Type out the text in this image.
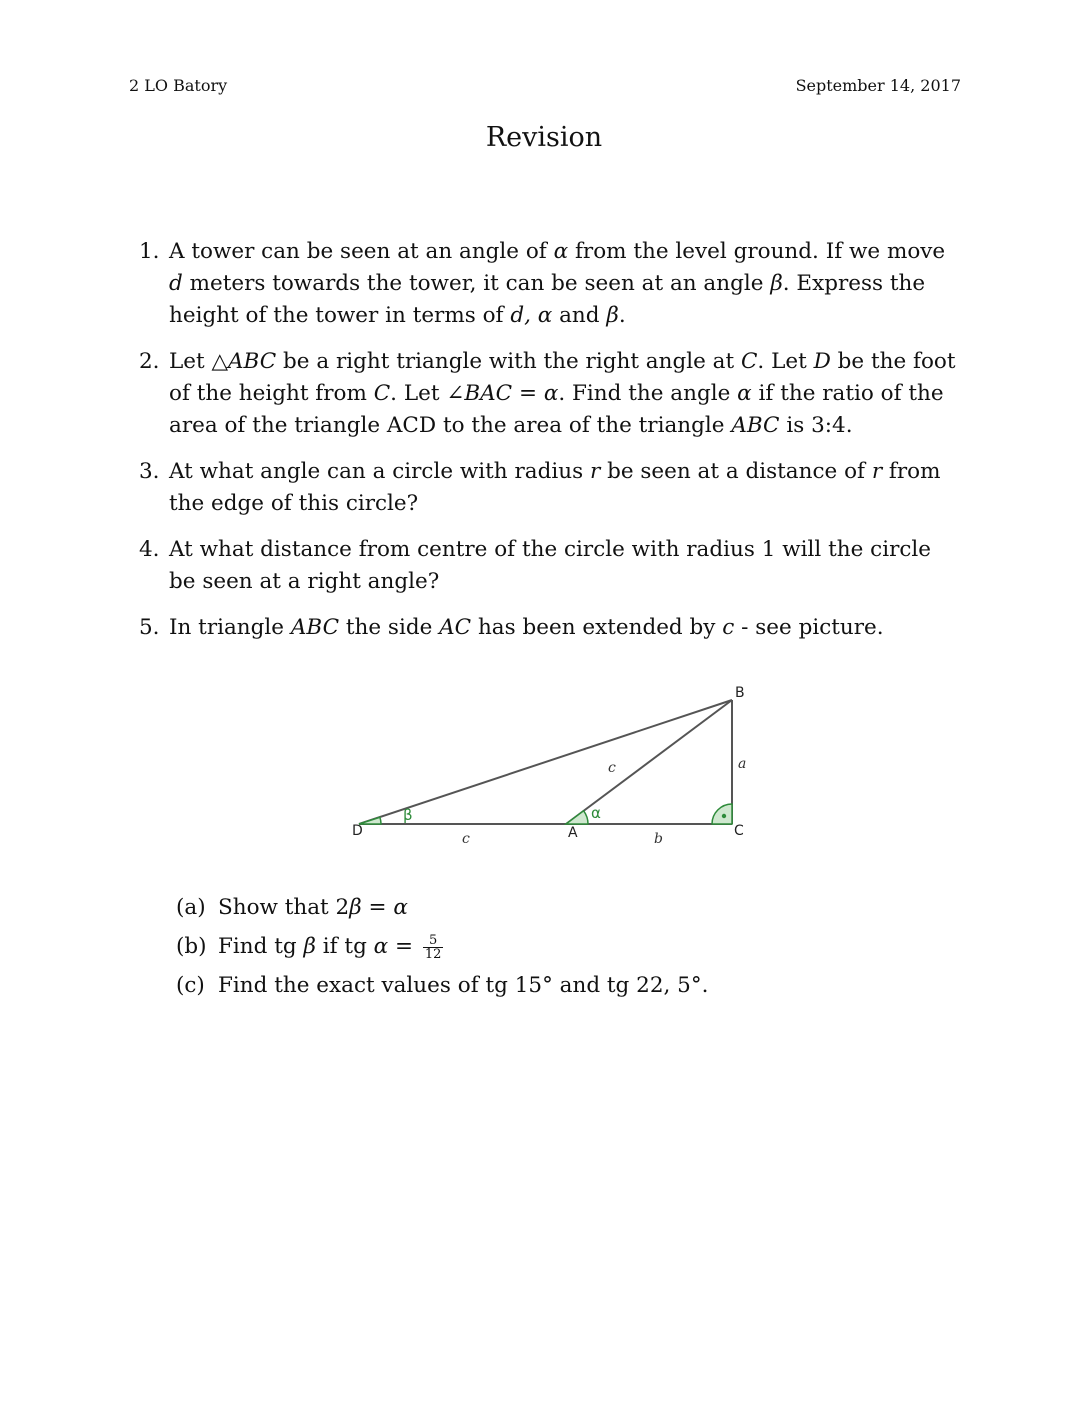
2 LO Batory	September 14, 2017
Revision
1. A tower can be seen at an angle of α from the level ground. If we move d meters towards the tower, it can be seen at an angle β. Express the height of the tower in terms of d, α and β.
2. Let △ABC be a right triangle with the right angle at C. Let D be the foot of the height from C. Let ∠BAC = α. Find the angle α if the ratio of the area of the triangle ACD to the area of the triangle ABC is 3:4.
3. At what angle can a circle with radius r be seen at a distance of r from the edge of this circle?
4. At what distance from centre of the circle with radius 1 will the circle be seen at a right angle?
5. In triangle ABC the side AC has been extended by c - see picture.
β	α
B
D	A	C
c	a
c	b
(a) Show that 2β = α
(b) Find tg β if tg $\alpha = \frac{5}{12}$
(c) Find the exact values of tg 15° and tg 22, 5°.
